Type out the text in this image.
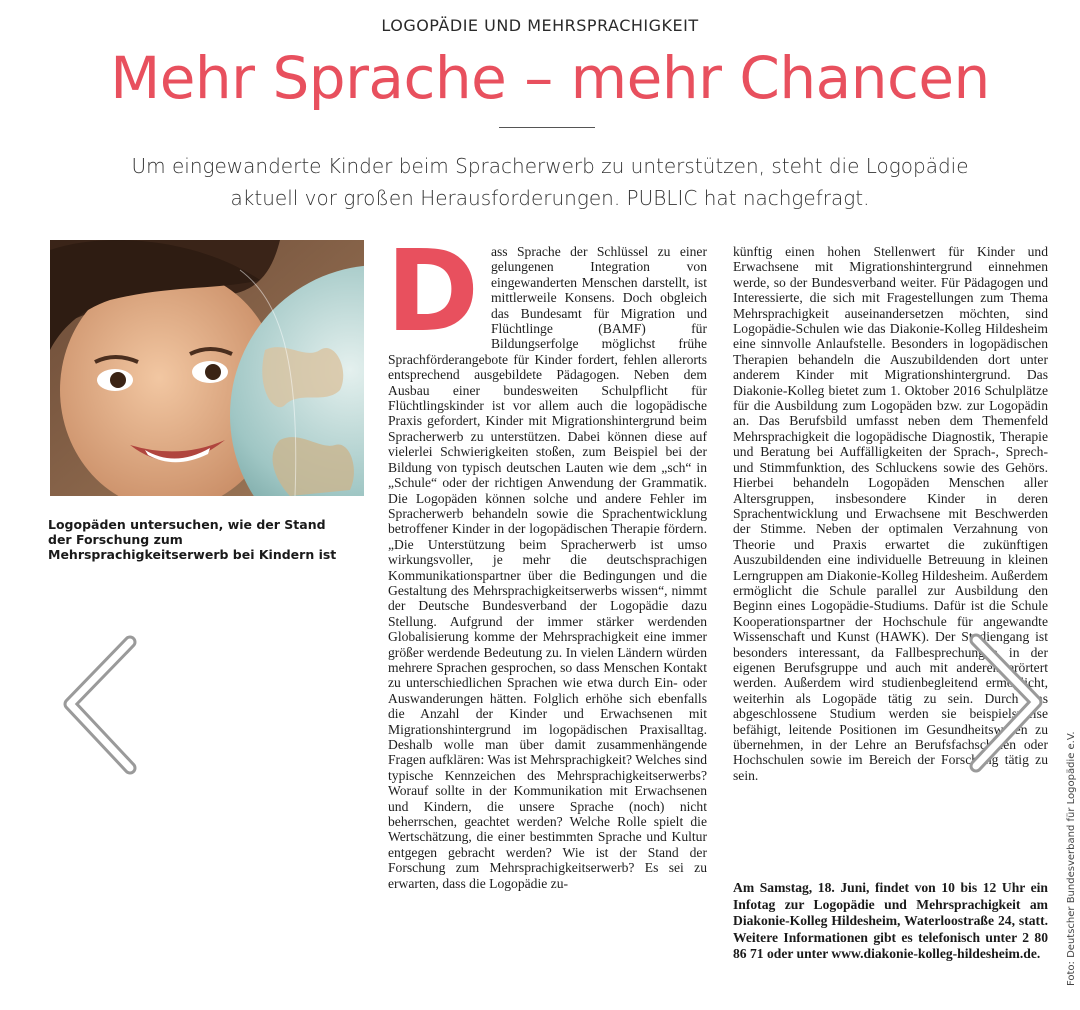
LOGOPÄDIE UND MEHRSPRACHIGKEIT

Mehr Sprache – mehr Chancen

Um eingewanderte Kinder beim Spracherwerb zu unterstützen, steht die Logopädie aktuell vor großen Herausforderungen. PUBLIC hat nachgefragt.

Logopäden untersuchen, wie der Stand der Forschung zum Mehrsprachigkeitserwerb bei Kindern ist

D ass Sprache der Schlüssel zu einer gelungenen Integration von eingewanderten Menschen darstellt, ist mittlerweile Konsens. Doch obgleich das Bundesamt für Migration und Flüchtlinge (BAMF) für Bildungserfolge möglichst frühe Sprachförderangebote für Kinder fordert, fehlen allerorts entsprechend ausgebildete Pädagogen. Neben dem Ausbau einer bundesweiten Schulpflicht für Flüchtlingskinder ist vor allem auch die logopädische Praxis gefordert, Kinder mit Migrationshintergrund beim Spracherwerb zu unterstützen. Dabei können diese auf vielerlei Schwierigkeiten stoßen, zum Beispiel bei der Bildung von typisch deutschen Lauten wie dem „sch“ in „Schule“ oder der richtigen Anwendung der Grammatik. Die Logopäden können solche und andere Fehler im Spracherwerb behandeln sowie die Sprachentwicklung betroffener Kinder in der logopädischen Therapie fördern. „Die Unterstützung beim Spracherwerb ist umso wirkungsvoller, je mehr die deutschsprachigen Kommunikationspartner über die Bedingungen und die Gestaltung des Mehrsprachigkeitserwerbs wissen“, nimmt der Deutsche Bundesverband der Logopädie dazu Stellung. Aufgrund der immer stärker werdenden Globalisierung komme der Mehrsprachigkeit eine immer größer werdende Bedeutung zu. In vielen Ländern würden mehrere Sprachen gesprochen, so dass Menschen Kontakt zu unterschiedlichen Sprachen wie etwa durch Ein- oder Auswanderungen hätten. Folglich erhöhe sich ebenfalls die Anzahl der Kinder und Erwachsenen mit Migrationshintergrund im logopädischen Praxisalltag. Deshalb wolle man über damit zusammenhängende Fragen aufklären: Was ist Mehrsprachigkeit? Welches sind typische Kennzeichen des Mehrsprachigkeitserwerbs? Worauf sollte in der Kommunikation mit Erwachsenen und Kindern, die unsere Sprache (noch) nicht beherrschen, geachtet werden? Welche Rolle spielt die Wertschätzung, die einer bestimmten Sprache und Kultur entgegen gebracht werden? Wie ist der Stand der Forschung zum Mehrsprachigkeitserwerb? Es sei zu erwarten, dass die Logopädie zu-
künftig einen hohen Stellenwert für Kinder und Erwachsene mit Migrationshintergrund einnehmen werde, so der Bundesverband weiter. Für Pädagogen und Interessierte, die sich mit Fragestellungen zum Thema Mehrsprachigkeit auseinandersetzen möchten, sind Logopädie-Schulen wie das Diakonie-Kolleg Hildesheim eine sinnvolle Anlaufstelle. Besonders in logopädischen Therapien behandeln die Auszubildenden dort unter anderem Kinder mit Migrationshintergrund. Das Diakonie-Kolleg bietet zum 1. Oktober 2016 Schulplätze für die Ausbildung zum Logopäden bzw. zur Logopädin an. Das Berufsbild umfasst neben dem Themenfeld Mehrsprachigkeit die logopädische Diagnostik, Therapie und Beratung bei Auffälligkeiten der Sprach-, Sprech- und Stimmfunktion, des Schluckens sowie des Gehörs. Hierbei behandeln Logopäden Menschen aller Altersgruppen, insbesondere Kinder in deren Sprachentwicklung und Erwachsene mit Beschwerden der Stimme. Neben der optimalen Verzahnung von Theorie und Praxis erwartet die zukünftigen Auszubildenden eine individuelle Betreuung in kleinen Lerngruppen am Diakonie-Kolleg Hildesheim. Außerdem ermöglicht die Schule parallel zur Ausbildung den Beginn eines Logopädie-Studiums. Dafür ist die Schule Kooperationspartner der Hochschule für angewandte Wissenschaft und Kunst (HAWK). Der Studiengang ist besonders interessant, da Fallbesprechungen in der eigenen Berufsgruppe und auch mit anderen erörtert werden. Außerdem wird studienbegleitend ermöglicht, weiterhin als Logopäde tätig zu sein. Durch das abgeschlossene Studium werden sie beispielsweise befähigt, leitende Positionen im Gesundheitswesen zu übernehmen, in der Lehre an Berufsfachschulen oder Hochschulen sowie im Bereich der Forschung tätig zu sein.

Am Samstag, 18. Juni, findet von 10 bis 12 Uhr ein Infotag zur Logopädie und Mehrsprachigkeit am Diakonie-Kolleg Hildesheim, Waterloostraße 24, statt. Weitere Informationen gibt es telefonisch unter 2 80 86 71 oder unter www.diakonie-kolleg-hildesheim.de.	Foto: Deutscher Bundesverband für Logopädie e.V.
